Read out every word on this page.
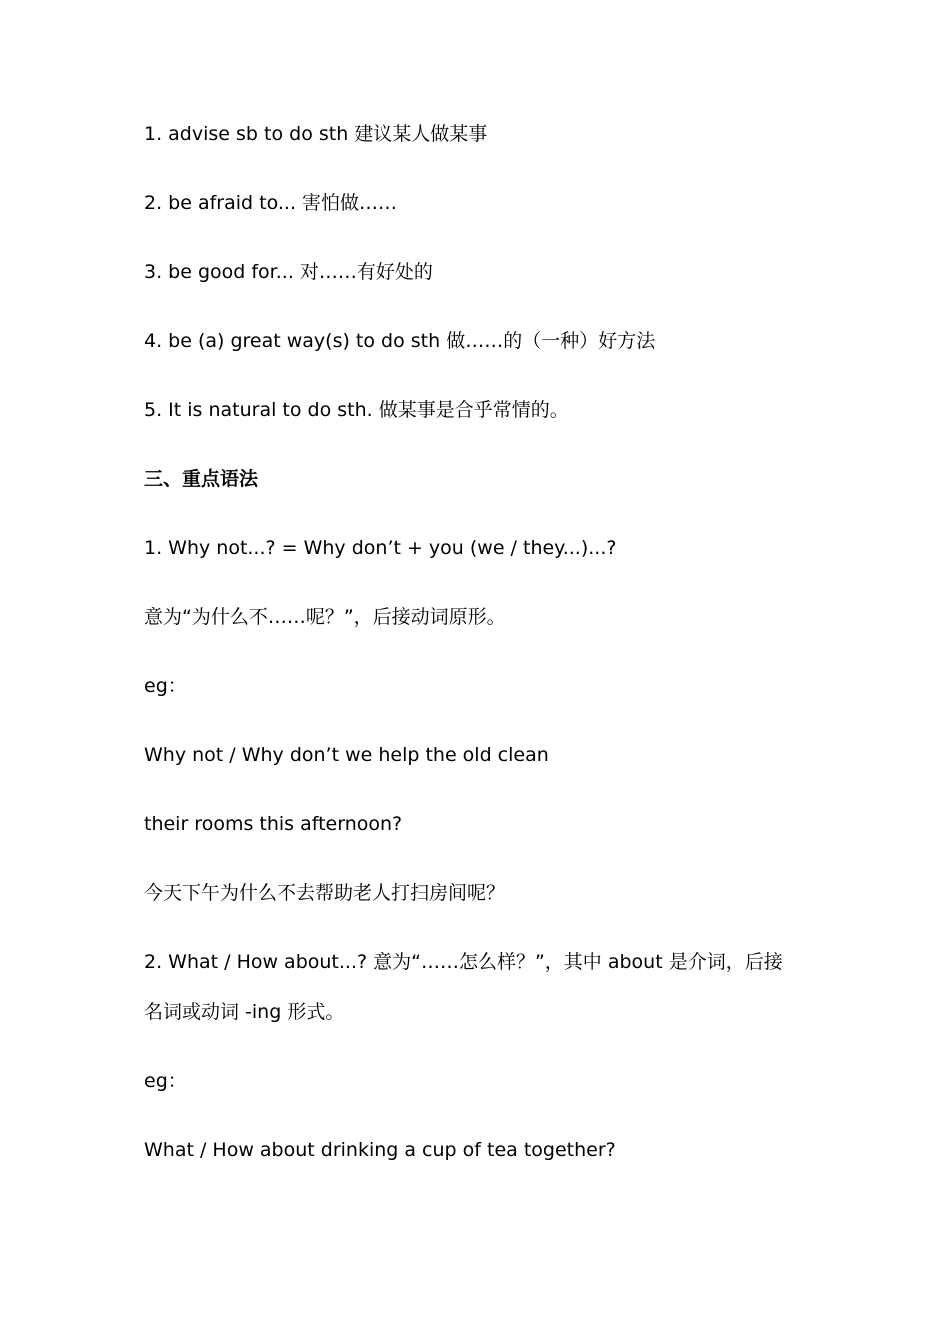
1. advise sb to do sth 建议某人做某事
2. be afraid to... 害怕做……
3. be good for... 对……有好处的
4. be (a) great way(s) to do sth 做……的（一种）好方法
5. It is natural to do sth. 做某事是合乎常情的。
三、重点语法
1. Why not...? = Why don’t + you (we / they...)...?
意为“为什么不……呢？”，后接动词原形。
eg：
Why not / Why don’t we help the old clean
their rooms this afternoon?
今天下午为什么不去帮助老人打扫房间呢？
2. What / How about...? 意为“……怎么样？”，其中 about 是介词，后接
名词或动词 -ing 形式。
eg：
What / How about drinking a cup of tea together?
